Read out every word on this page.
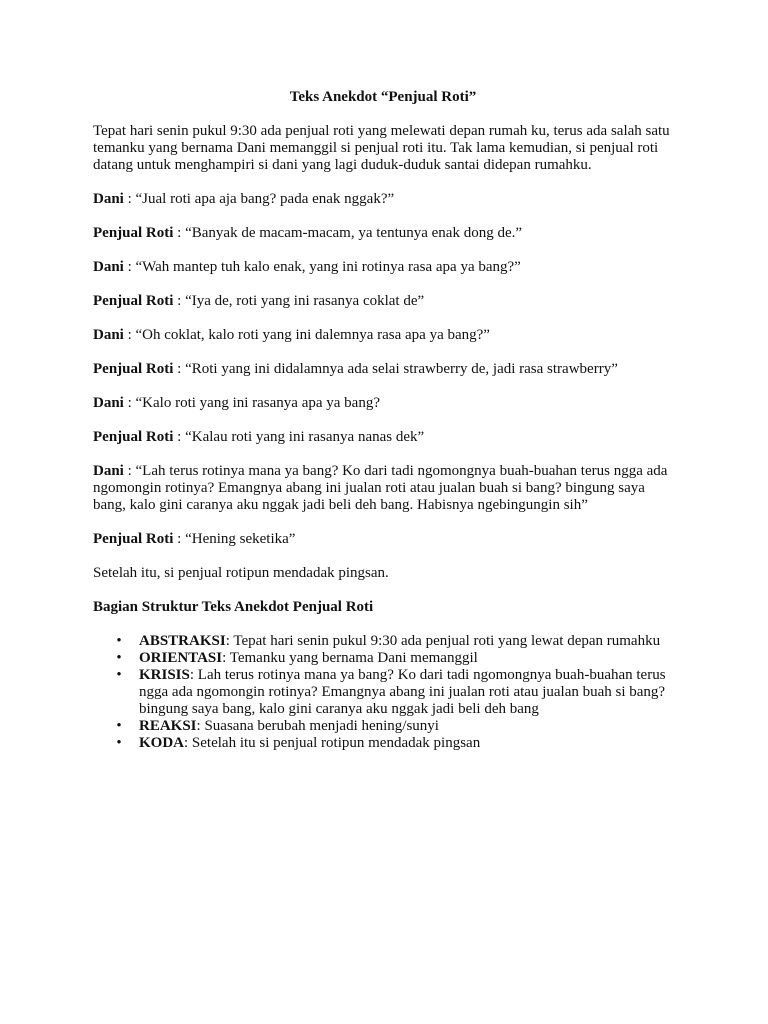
Teks Anekdot “Penjual Roti”

Tepat hari senin pukul 9:30 ada penjual roti yang melewati depan rumah ku, terus ada salah satu temanku yang bernama Dani memanggil si penjual roti itu. Tak lama kemudian, si penjual roti datang untuk menghampiri si dani yang lagi duduk-duduk santai didepan rumahku.

Dani : “Jual roti apa aja bang? pada enak nggak?”

Penjual Roti : “Banyak de macam-macam, ya tentunya enak dong de.”

Dani : “Wah mantep tuh kalo enak, yang ini rotinya rasa apa ya bang?”

Penjual Roti : “Iya de, roti yang ini rasanya coklat de”

Dani : “Oh coklat, kalo roti yang ini dalemnya rasa apa ya bang?”

Penjual Roti : “Roti yang ini didalamnya ada selai strawberry de, jadi rasa strawberry”

Dani : “Kalo roti yang ini rasanya apa ya bang?

Penjual Roti : “Kalau roti yang ini rasanya nanas dek”

Dani : “Lah terus rotinya mana ya bang? Ko dari tadi ngomongnya buah-buahan terus ngga ada ngomongin rotinya? Emangnya abang ini jualan roti atau jualan buah si bang? bingung saya bang, kalo gini caranya aku nggak jadi beli deh bang. Habisnya ngebingungin sih”

Penjual Roti : “Hening seketika”

Setelah itu, si penjual rotipun mendadak pingsan.

Bagian Struktur Teks Anekdot Penjual Roti
• ABSTRAKSI: Tepat hari senin pukul 9:30 ada penjual roti yang lewat depan rumahku
• ORIENTASI: Temanku yang bernama Dani memanggil
• KRISIS: Lah terus rotinya mana ya bang? Ko dari tadi ngomongnya buah-buahan terus ngga ada ngomongin rotinya? Emangnya abang ini jualan roti atau jualan buah si bang? bingung saya bang, kalo gini caranya aku nggak jadi beli deh bang
• REAKSI: Suasana berubah menjadi hening/sunyi
• KODA: Setelah itu si penjual rotipun mendadak pingsan
